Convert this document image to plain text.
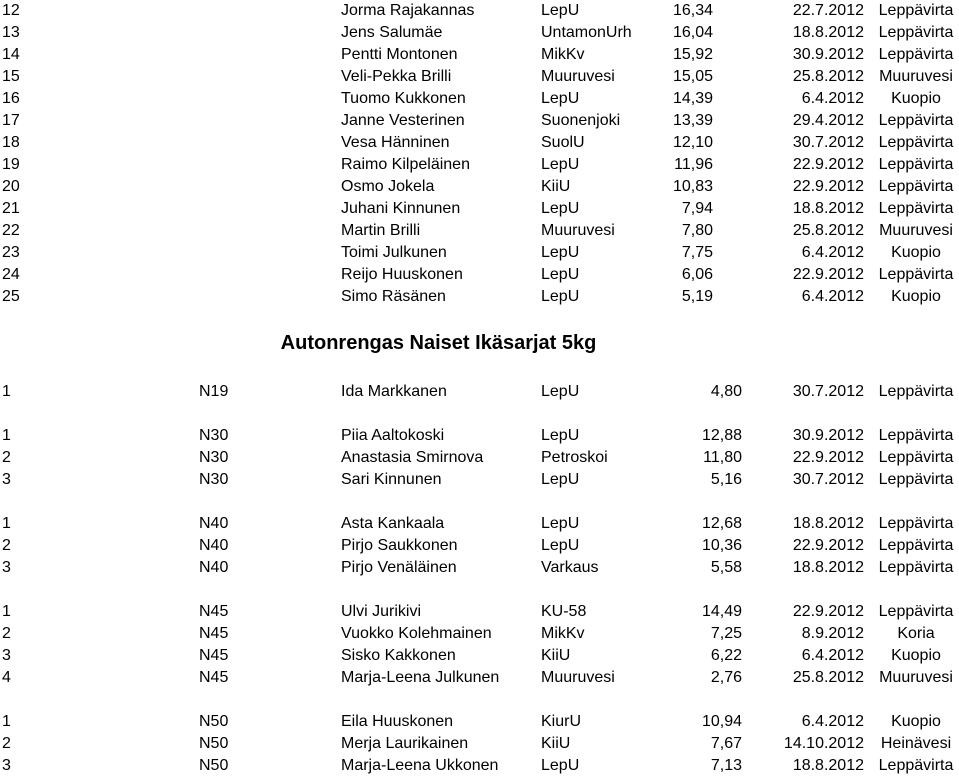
12	Jorma Rajakannas	LepU	16,34	22.7.2012 Leppävirta
13	Jens Salumäe	UntamonUrh	16,04	18.8.2012 Leppävirta
14	Pentti Montonen	MikKv	15,92	30.9.2012 Leppävirta
15	Veli-Pekka Brilli	Muuruvesi	15,05	25.8.2012 Muuruvesi
16	Tuomo Kukkonen	LepU	14,39	6.4.2012	Kuopio
17	Janne Vesterinen	Suonenjoki	13,39	29.4.2012 Leppävirta
18	Vesa Hänninen	SuolU	12,10	30.7.2012 Leppävirta
19	Raimo Kilpeläinen	LepU	11,96	22.9.2012 Leppävirta
20	Osmo Jokela	KiiU	10,83	22.9.2012 Leppävirta
21	Juhani Kinnunen	LepU	7,94	18.8.2012 Leppävirta
22	Martin Brilli	Muuruvesi	7,80	25.8.2012 Muuruvesi
23	Toimi Julkunen	LepU	7,75	6.4.2012	Kuopio
24	Reijo Huuskonen	LepU	6,06	22.9.2012 Leppävirta
25	Simo Räsänen	LepU	5,19	6.4.2012	Kuopio
Autonrengas Naiset Ikäsarjat 5kg
1	N19	Ida Markkanen	LepU	4,80	30.7.2012 Leppävirta
1	N30	Piia Aaltokoski	LepU	12,88	30.9.2012 Leppävirta
2	N30	Anastasia Smirnova	Petroskoi	11,80	22.9.2012 Leppävirta
3	N30	Sari Kinnunen	LepU	5,16	30.7.2012 Leppävirta
1	N40	Asta Kankaala	LepU	12,68	18.8.2012 Leppävirta
2	N40	Pirjo Saukkonen	LepU	10,36	22.9.2012 Leppävirta
3	N40	Pirjo Venäläinen	Varkaus	5,58	18.8.2012 Leppävirta
1	N45	Ulvi Jurikivi	KU-58	14,49	22.9.2012 Leppävirta
2	N45	Vuokko Kolehmainen	MikKv	7,25	8.9.2012	Koria
3	N45	Sisko Kakkonen	KiiU	6,22	6.4.2012	Kuopio
4	N45	Marja-Leena Julkunen	Muuruvesi	2,76	25.8.2012 Muuruvesi
1	N50	Eila Huuskonen	KiurU	10,94	6.4.2012	Kuopio
2	N50	Merja Laurikainen	KiiU	7,67	14.10.2012	Heinävesi
3	N50	Marja-Leena Ukkonen	LepU	7,13	18.8.2012 Leppävirta
